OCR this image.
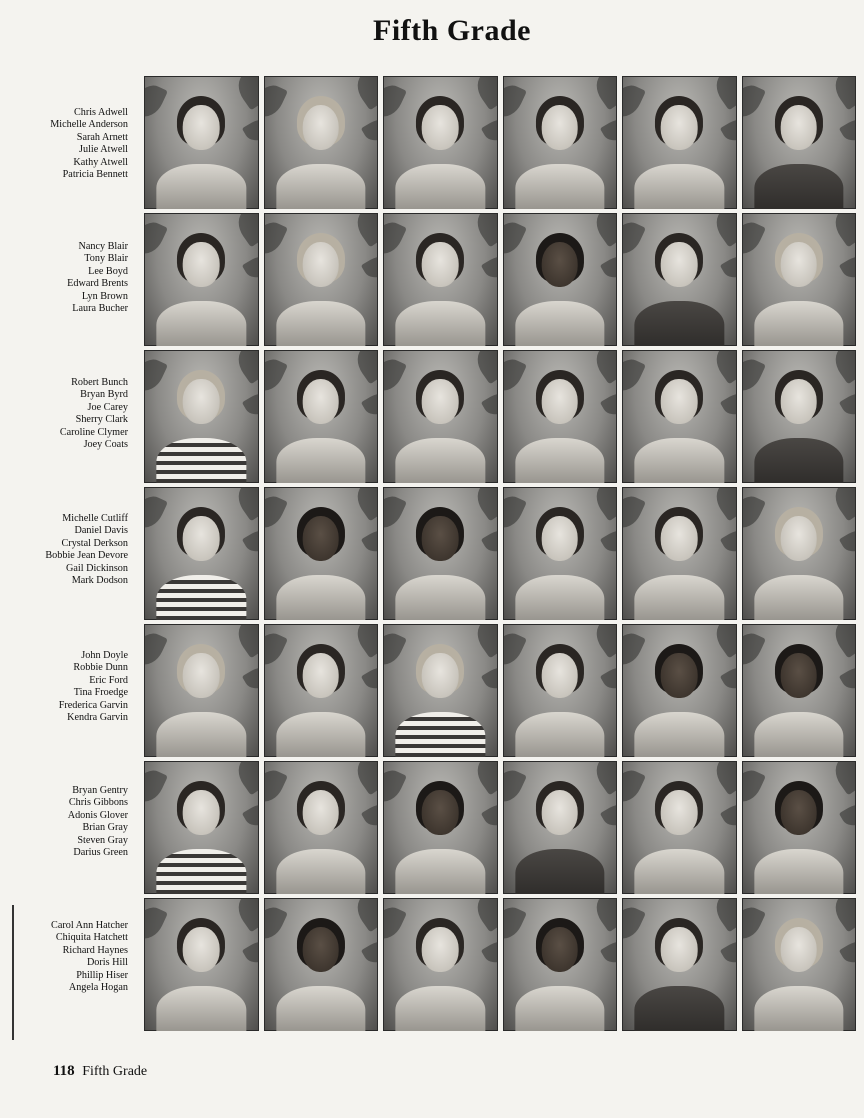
Fifth Grade
Chris Adwell
Michelle Anderson
Sarah Arnett
Julie Atwell
Kathy Atwell
Patricia Bennett
Nancy Blair
Tony Blair
Lee Boyd
Edward Brents
Lyn Brown
Laura Bucher
Robert Bunch
Bryan Byrd
Joe Carey
Sherry Clark
Caroline Clymer
Joey Coats
Michelle Cutliff
Daniel Davis
Crystal Derkson
Bobbie Jean Devore
Gail Dickinson
Mark Dodson
John Doyle
Robbie Dunn
Eric Ford
Tina Froedge
Frederica Garvin
Kendra Garvin
Bryan Gentry
Chris Gibbons
Adonis Glover
Brian Gray
Steven Gray
Darius Green
Carol Ann Hatcher
Chiquita Hatchett
Richard Haynes
Doris Hill
Phillip Hiser
Angela Hogan
118 Fifth Grade
